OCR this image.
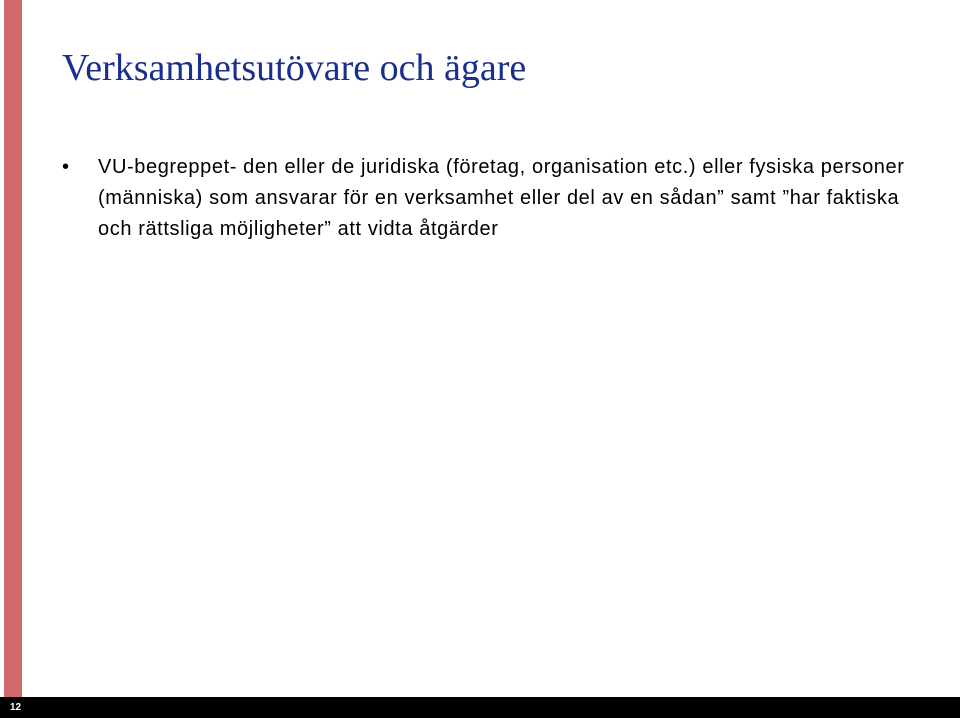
Verksamhetsutövare och ägare
• VU-begreppet- den eller de juridiska (företag, organisation etc.) eller fysiska personer (människa) som ansvarar för en verksamhet eller del av en sådan” samt ”har faktiska och rättsliga möjligheter” att vidta åtgärder
12
